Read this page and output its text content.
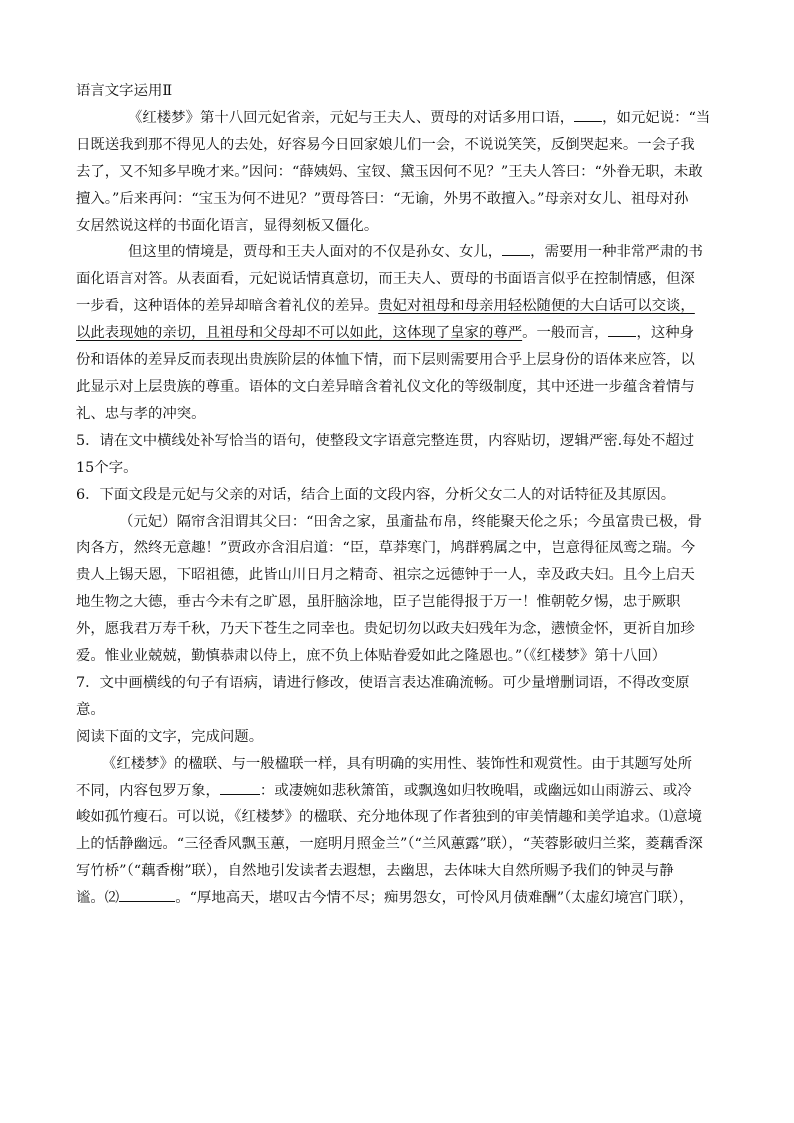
语言文字运用Ⅱ

《红楼梦》第十八回元妃省亲，元妃与王夫人、贾母的对话多用口语， ，如元妃说：“当

日既送我到那不得见人的去处，好容易今日回家娘儿们一会，不说说笑笑，反倒哭起来。一会子我

去了，又不知多早晚才来。”因问：“薛姨妈、宝钗、黛玉因何不见？”王夫人答曰：“外眷无职，未敢

擅入。”后来再问：“宝玉为何不进见？”贾母答曰：“无谕，外男不敢擅入。”母亲对女儿、祖母对孙

女居然说这样的书面化语言，显得刻板又僵化。

但这里的情境是，贾母和王夫人面对的不仅是孙女、女儿， ，需要用一种非常严肃的书

面化语言对答。从表面看，元妃说话情真意切，而王夫人、贾母的书面语言似乎在控制情感，但深

一步看，这种语体的差异却暗含着礼仪的差异。贵妃对祖母和母亲用轻松随便的大白话可以交谈，

以此表现她的亲切，且祖母和父母却不可以如此，这体现了皇家的尊严。一般而言， ，这种身

份和语体的差异反而表现出贵族阶层的体恤下情，而下层则需要用合乎上层身份的语体来应答，以

此显示对上层贵族的尊重。语体的文白差异暗含着礼仪文化的等级制度，其中还进一步蕴含着情与

礼、忠与孝的冲突。

5．请在文中横线处补写恰当的语句，使整段文字语意完整连贯，内容贴切，逻辑严密.每处不超过

15个字。

6．下面文段是元妃与父亲的对话，结合上面的文段内容，分析父女二人的对话特征及其原因。

（元妃）隔帘含泪谓其父曰：“田舍之家，虽齑盐布帛，终能聚天伦之乐；今虽富贵已极，骨

肉各方，然终无意趣！”贾政亦含泪启道：“臣，草莽寒门，鸠群鸦属之中，岂意得征凤鸾之瑞。今

贵人上锡天恩，下昭祖德，此皆山川日月之精奇、祖宗之远德钟于一人，幸及政夫妇。且今上启天

地生物之大德，垂古今未有之旷恩，虽肝脑涂地，臣子岂能得报于万一！惟朝乾夕惕，忠于厥职

外，愿我君万寿千秋，乃天下苍生之同幸也。贵妃切勿以政夫妇残年为念，懑愤金怀，更祈自加珍

爱。惟业业兢兢，勤慎恭肃以侍上，庶不负上体贴眷爱如此之隆恩也。”（《红楼梦》第十八回）

7．文中画横线的句子有语病，请进行修改，使语言表达准确流畅。可少量增删词语，不得改变原

意。

阅读下面的文字，完成问题。

《红楼梦》的楹联、与一般楹联一样，具有明确的实用性、装饰性和观赏性。由于其题写处所

不同，内容包罗万象，	：或凄婉如悲秋箫笛，或飘逸如归牧晚唱，或幽远如山雨游云、或冷

峻如孤竹瘦石。可以说，《红楼梦》的楹联、充分地体现了作者独到的审美情趣和美学追求。⑴意境

上的恬静幽远。“三径香风飘玉蕙，一庭明月照金兰”（“兰风蕙露”联），“芙蓉影破归兰桨，菱藕香深

写竹桥”（“藕香榭”联），自然地引发读者去遐想，去幽思，去体味大自然所赐予我们的钟灵与静

谧。⑵	。“厚地高天，堪叹古今情不尽；痴男怨女，可怜风月债难酬”（太虚幻境宫门联），
